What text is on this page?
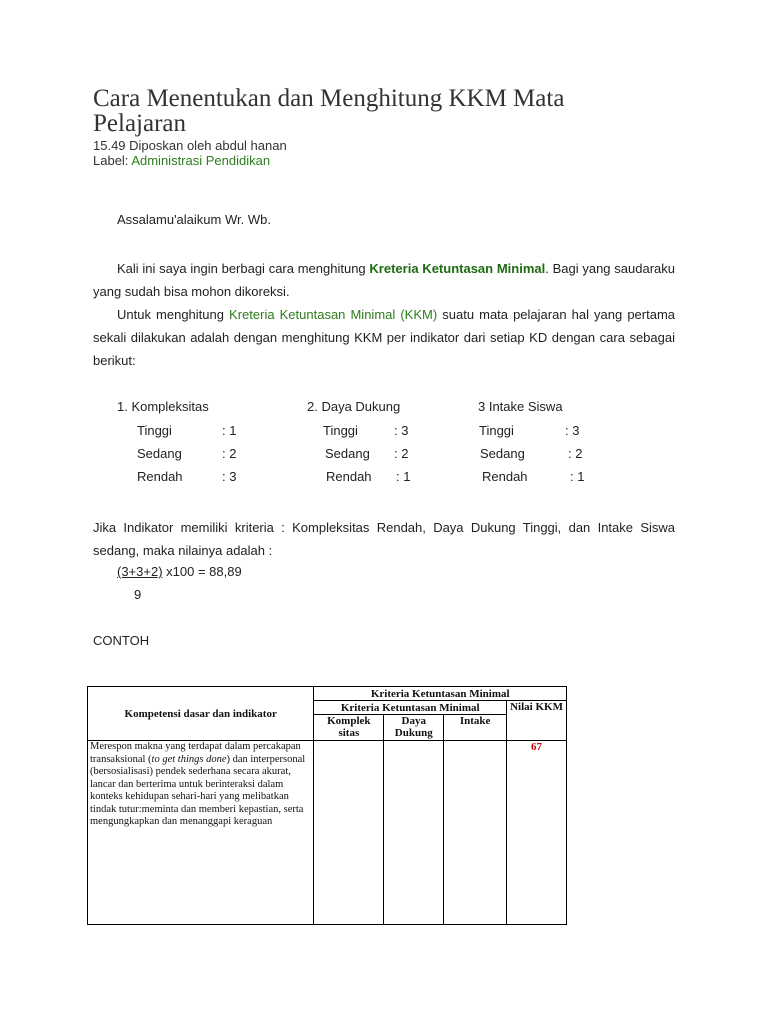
Cara Menentukan dan Menghitung KKM Mata Pelajaran
15.49 Diposkan oleh abdul hanan
Label: Administrasi Pendidikan
Assalamu'alaikum Wr. Wb.
Kali ini saya ingin berbagi cara menghitung Kreteria Ketuntasan Minimal. Bagi yang saudaraku yang sudah bisa mohon dikoreksi.
Untuk menghitung Kreteria Ketuntasan Minimal (KKM) suatu mata pelajaran hal yang pertama sekali dilakukan adalah dengan menghitung KKM per indikator dari setiap KD dengan cara sebagai berikut:
1. Kompleksitas	2. Daya Dukung	3 Intake Siswa
Tinggi	: 1
Sedang	: 2
Rendah	: 3
Tinggi	: 3
Sedang : 2
Rendah : 1
Tinggi	: 3
Sedang	: 2
Rendah	: 1
Jika Indikator memiliki kriteria : Kompleksitas Rendah, Daya Dukung Tinggi, dan Intake Siswa sedang, maka nilainya adalah :
(3+3+2) x100 = 88,89
9
CONTOH
Kompetensi dasar dan indikator	Kriteria Ketuntasan Minimal			
	Kriteria Ketuntasan Minimal			Nilai KKM
	Komplek sitas	Daya Dukung	Intake	
Merespon makna yang terdapat dalam percakapan transaksional (to get things done) dan interpersonal (bersosialisasi) pendek sederhana secara akurat, lancar dan berterima untuk berinteraksi dalam konteks kehidupan sehari-hari yang melibatkan tindak tutur:meminta dan memberi kepastian, serta mengungkapkan dan menanggapi keraguan				67
